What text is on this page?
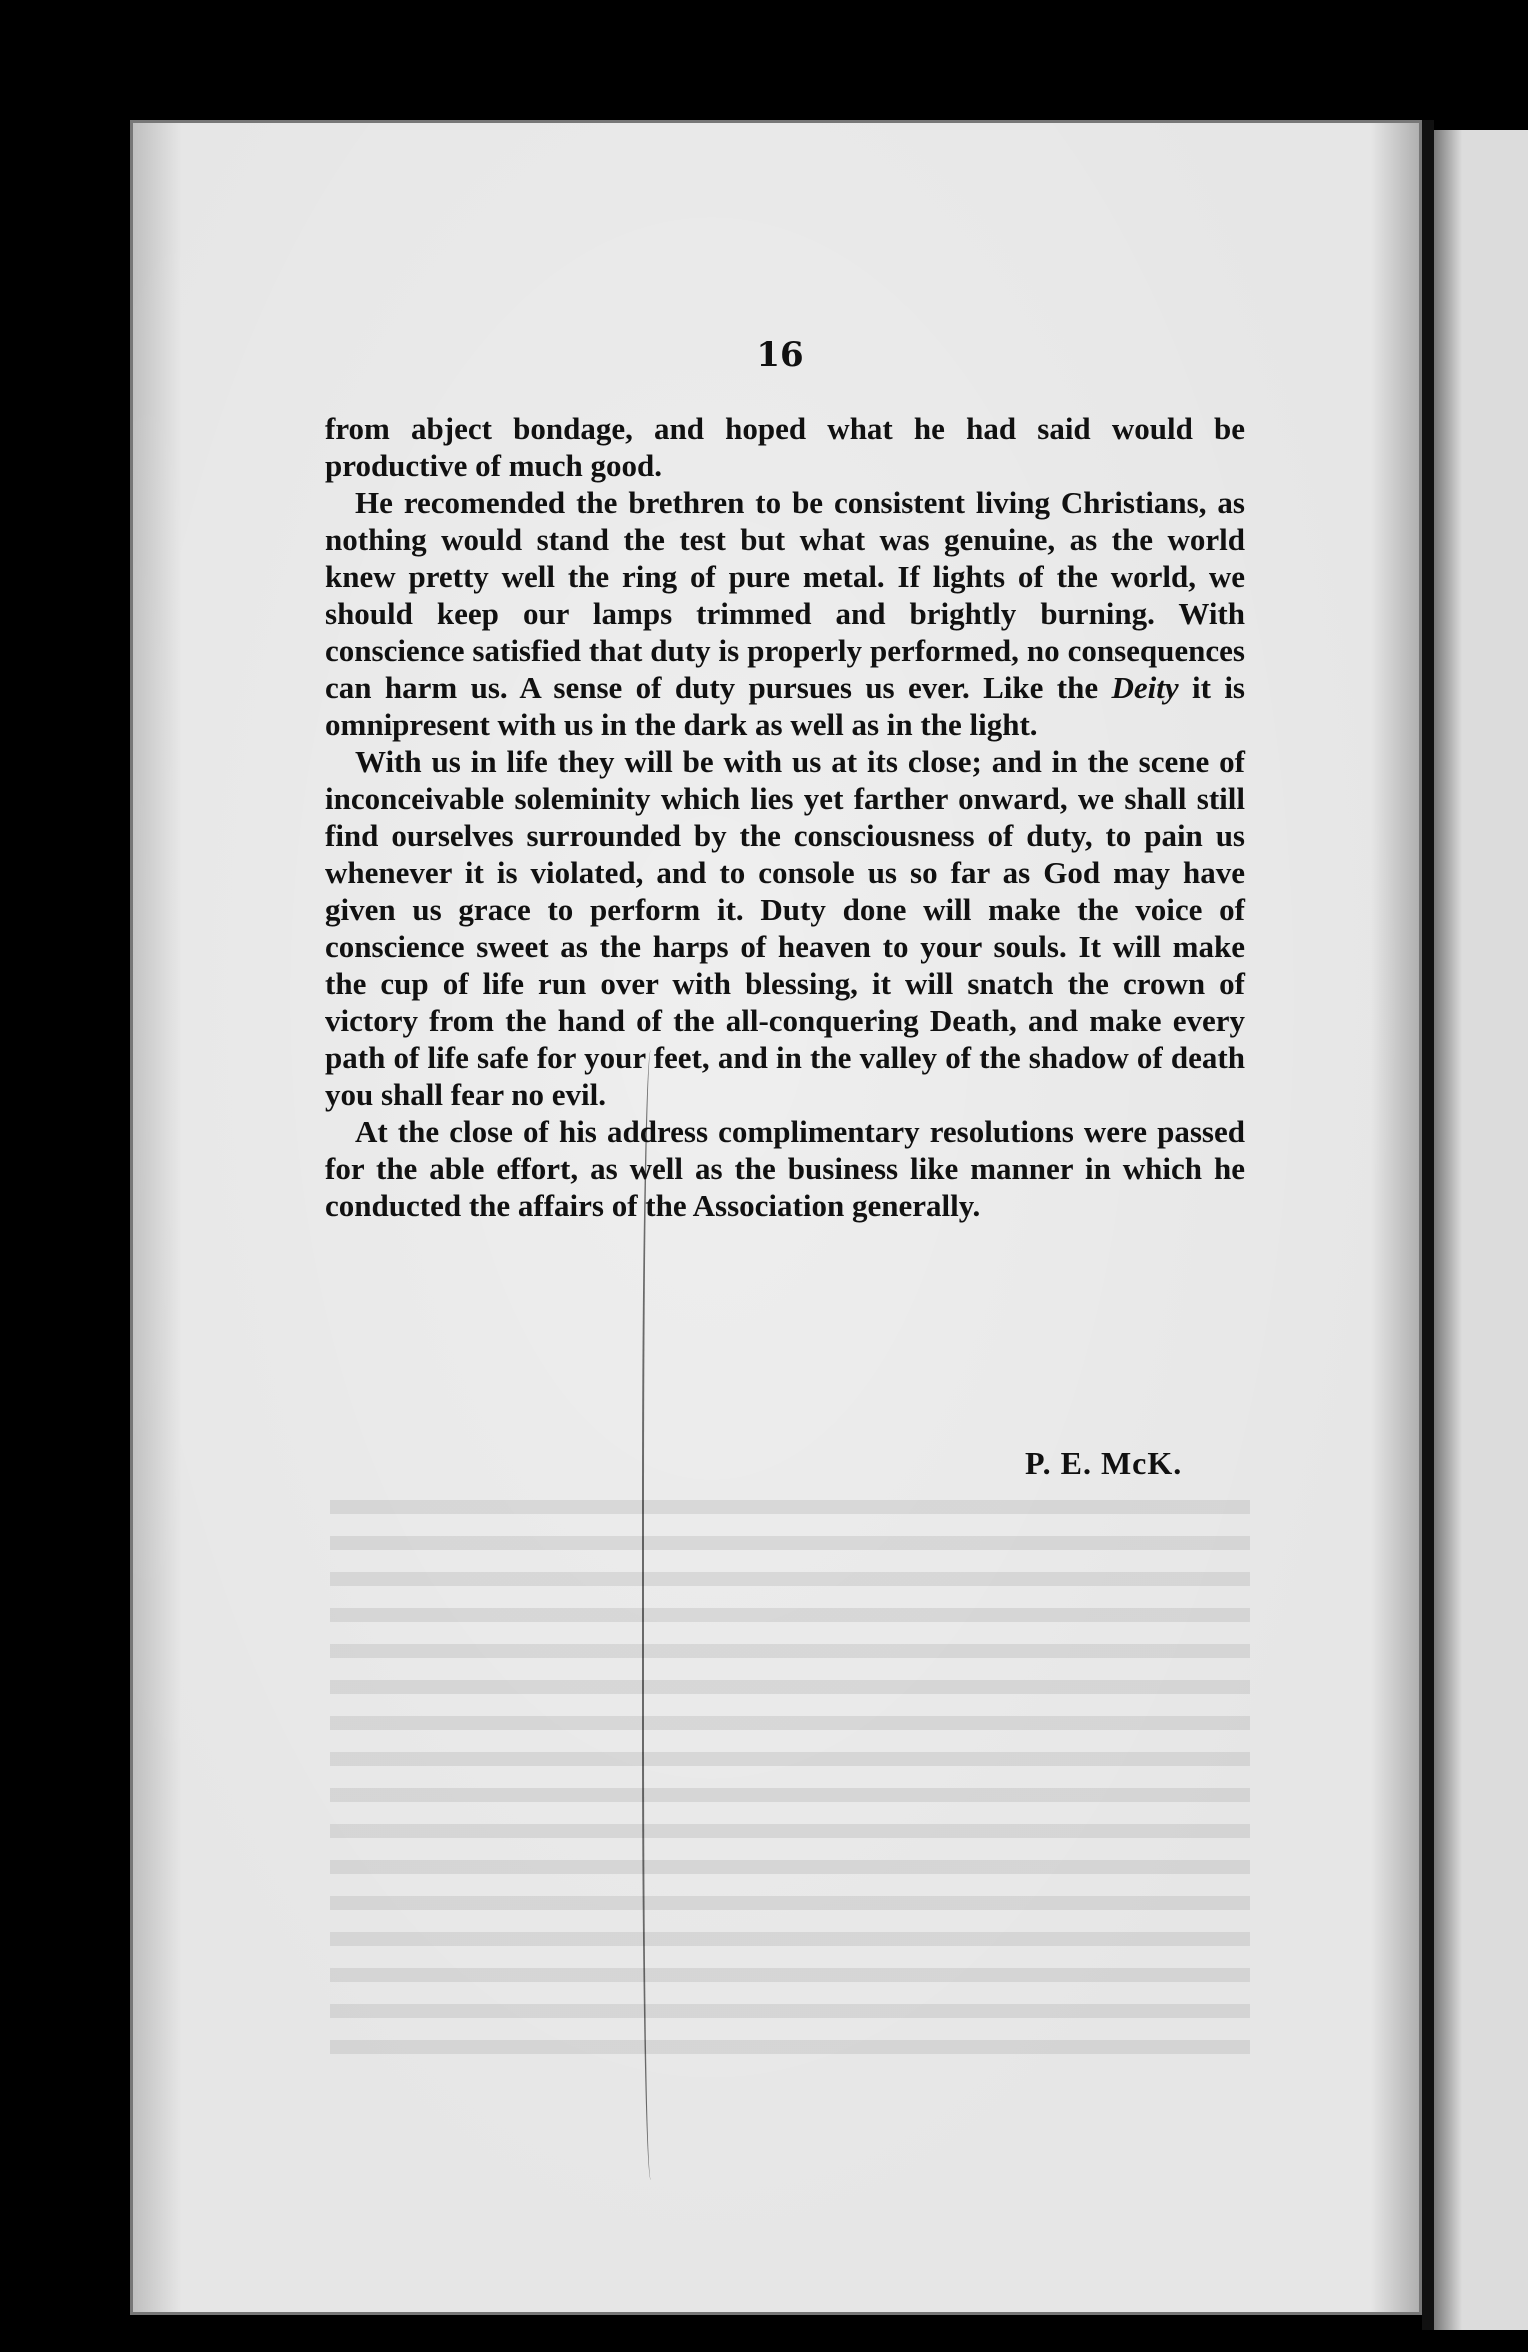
16

from abject bondage, and hoped what he had said would be productive of much good.

He recomended the brethren to be consistent living Christians, as nothing would stand the test but what was genuine, as the world knew pretty well the ring of pure metal. If lights of the world, we should keep our lamps trimmed and brightly burning. With conscience satisfied that duty is properly performed, no consequences can harm us. A sense of duty pursues us ever. Like the Deity it is omnipresent with us in the dark as well as in the light.

With us in life they will be with us at its close; and in the scene of inconceivable soleminity which lies yet farther onward, we shall still find ourselves surrounded by the consciousness of duty, to pain us whenever it is violated, and to console us so far as God may have given us grace to perform it. Duty done will make the voice of conscience sweet as the harps of heaven to your souls. It will make the cup of life run over with blessing, it will snatch the crown of victory from the hand of the all-conquering Death, and make every path of life safe for your feet, and in the valley of the shadow of death you shall fear no evil.

At the close of his address complimentary resolutions were passed for the able effort, as well as the business like manner in which he conducted the affairs of the Association generally.

P. E. McK.
